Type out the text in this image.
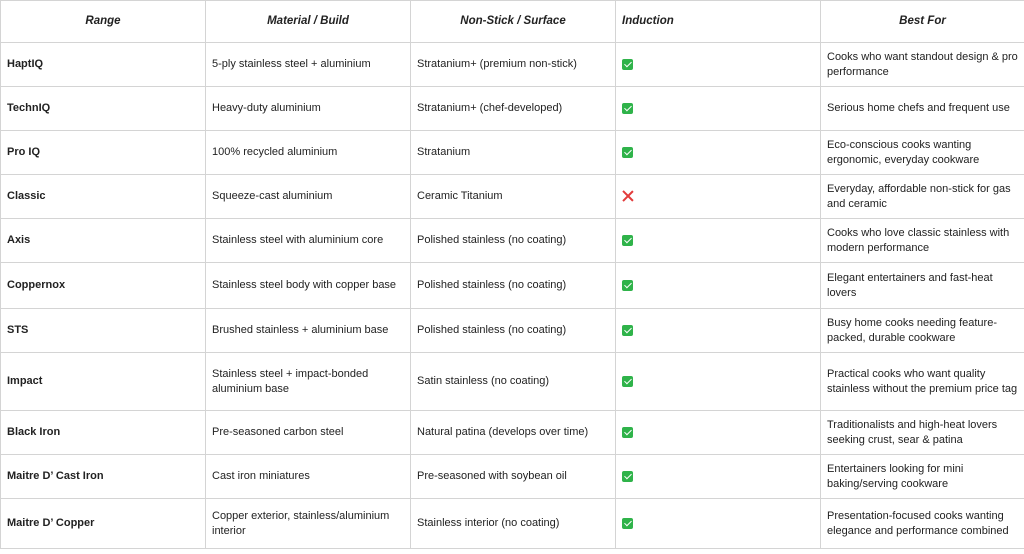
Range	Material / Build	Non-Stick / Surface	Induction	Best For
HaptIQ	5-ply stainless steel + aluminium	Stratanium+ (premium non-stick)		Cooks who want standout design & pro performance
TechnIQ	Heavy-duty aluminium	Stratanium+ (chef-developed)		Serious home chefs and frequent use
Pro IQ	100% recycled aluminium	Stratanium		Eco-conscious cooks wanting ergonomic, everyday cookware
Classic	Squeeze-cast aluminium	Ceramic Titanium		Everyday, affordable non-stick for gas and ceramic
Axis	Stainless steel with aluminium core	Polished stainless (no coating)		Cooks who love classic stainless with modern performance
Coppernox	Stainless steel body with copper base	Polished stainless (no coating)		Elegant entertainers and fast-heat lovers
STS	Brushed stainless + aluminium base	Polished stainless (no coating)		Busy home cooks needing feature-packed, durable cookware
Impact	Stainless steel + impact-bonded aluminium base	Satin stainless (no coating)		Practical cooks who want quality stainless without the premium price tag
Black Iron	Pre-seasoned carbon steel	Natural patina (develops over time)		Traditionalists and high-heat lovers seeking crust, sear & patina
Maitre D’ Cast Iron	Cast iron miniatures	Pre-seasoned with soybean oil		Entertainers looking for mini baking/serving cookware
Maitre D’ Copper	Copper exterior, stainless/aluminium interior	Stainless interior (no coating)		Presentation-focused cooks wanting elegance and performance combined
